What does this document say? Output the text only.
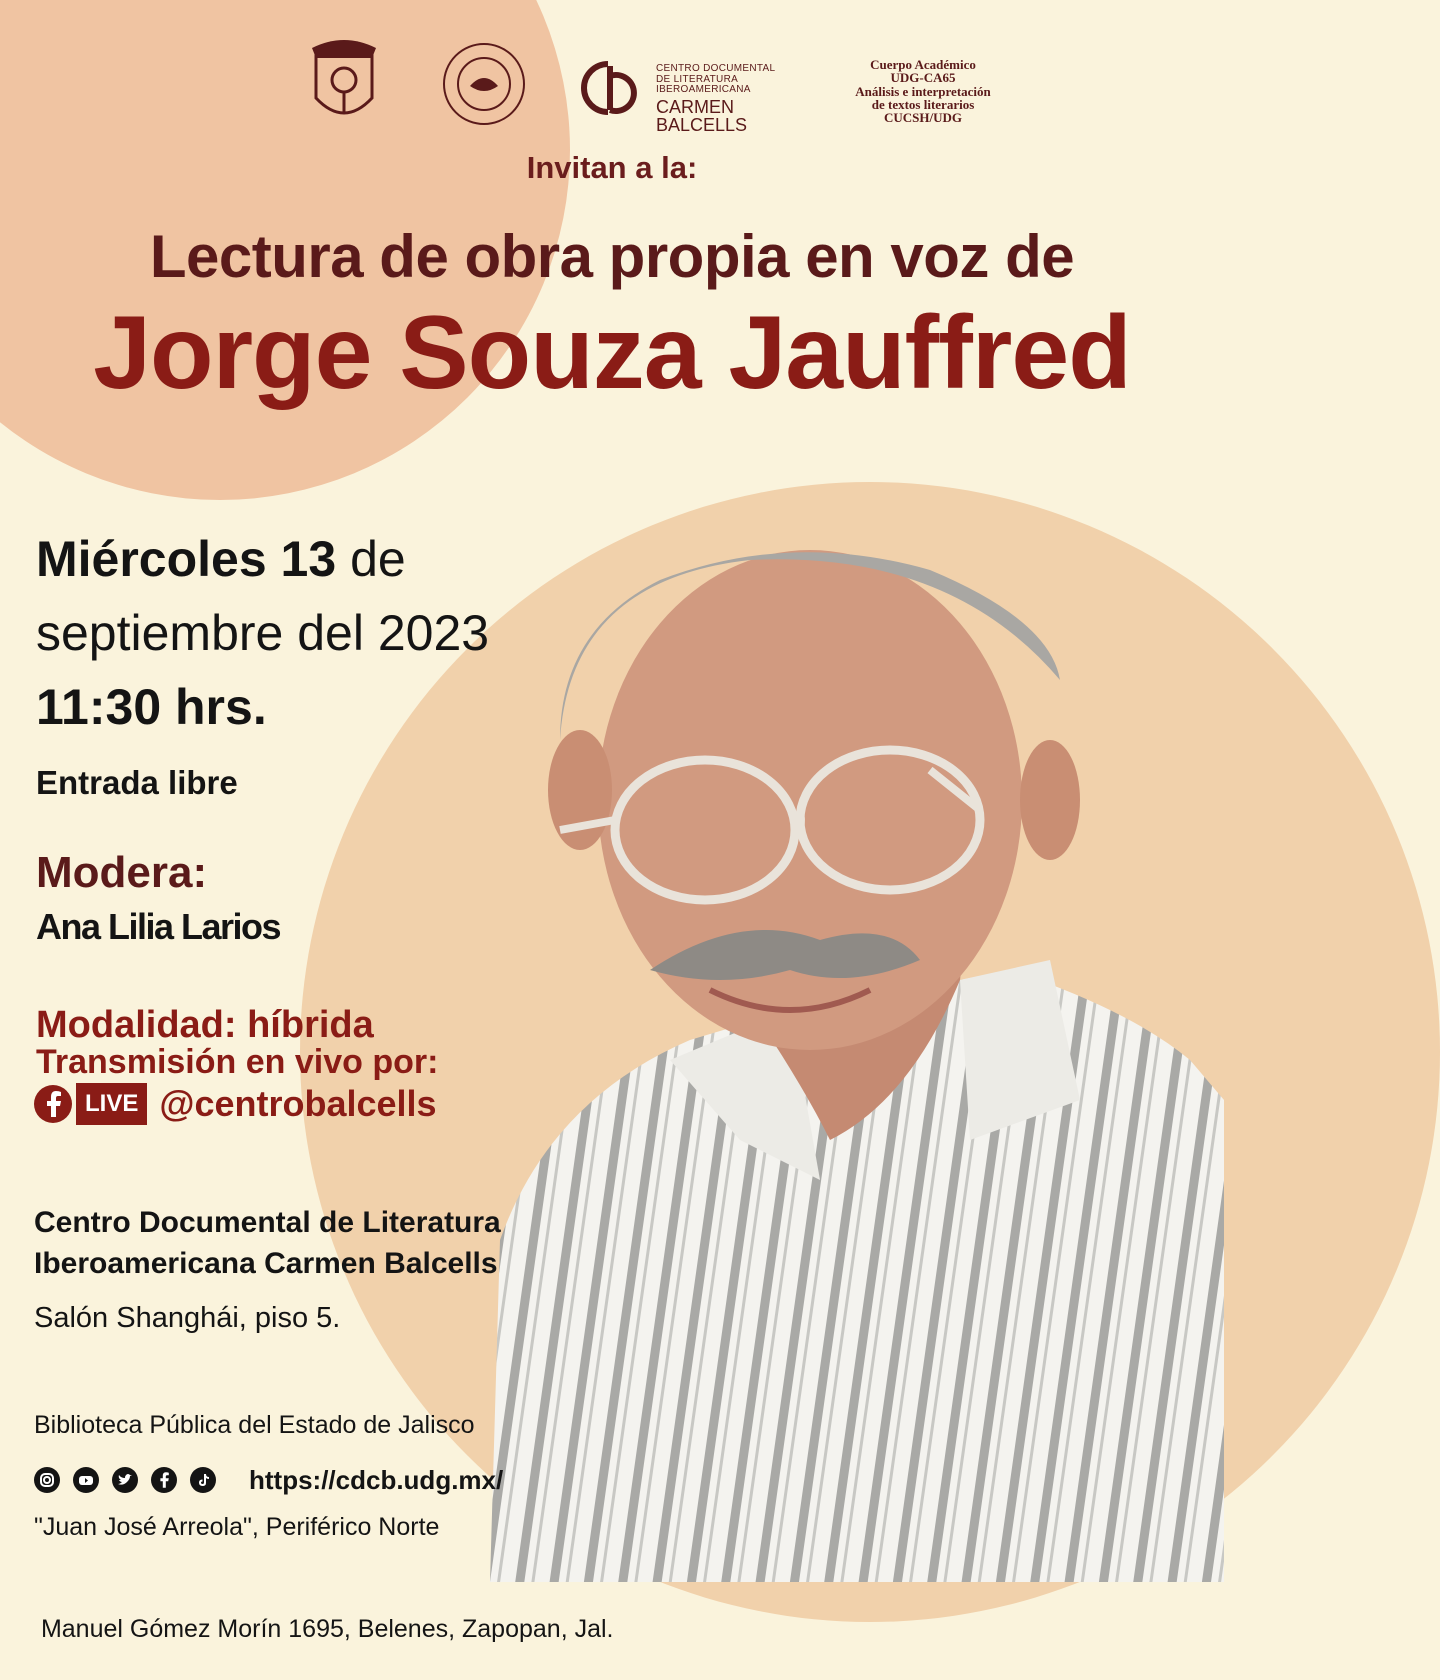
CENTRO DOCUMENTAL
DE LITERATURA IBEROAMERICANA
CARMEN BALCELLS
Cuerpo Académico
UDG-CA65
Análisis e interpretación
de textos literarios
CUCSH/UDG
Invitan a la:
Lectura de obra propia en voz de
Jorge Souza Jauffred
Miércoles 13 de
septiembre del 2023
11:30 hrs.
Entrada libre
Modera:
Ana Lilia Larios
Modalidad: híbrida
Transmisión en vivo por:
LIVE @centrobalcells
Centro Documental de Literatura
Iberoamericana Carmen Balcells
Salón Shanghái, piso 5.

Biblioteca Pública del Estado de Jalisco

"Juan José Arreola", Periférico Norte

Manuel Gómez Morín 1695, Belenes, Zapopan, Jal.

https://cdcb.udg.mx/
